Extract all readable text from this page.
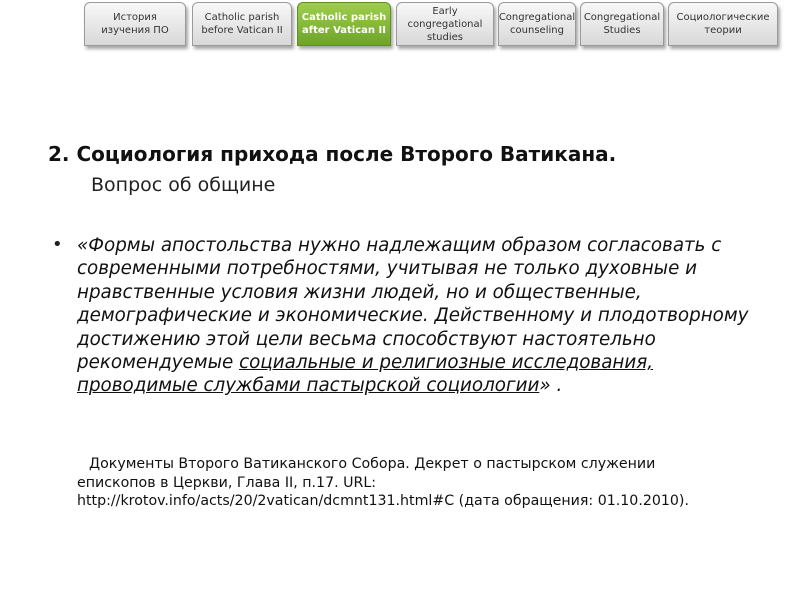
История
изучения ПО
Catholic parish
before Vatican II
Catholic parish
after Vatican II
Early
congregational
studies
Congregational
counseling
Congregational
Studies
Социологические
теории
2. Социология прихода после Второго Ватикана.
Вопрос об общине
• «Формы апостольства нужно надлежащим образом согласовать с современными потребностями, учитывая не только духовные и нравственные условия жизни людей, но и общественные, демографические и экономические. Действенному и плодотворному достижению этой цели весьма способствуют настоятельно рекомендуемые социальные и религиозные исследования, проводимые службами пастырской социологии» .
Документы Второго Ватиканского Собора. Декрет о пастырском служении епископов в Церкви, Глава II, п.17. URL: http://krotov.info/acts/20/2vatican/dcmnt131.html#C (дата обращения: 01.10.2010).
